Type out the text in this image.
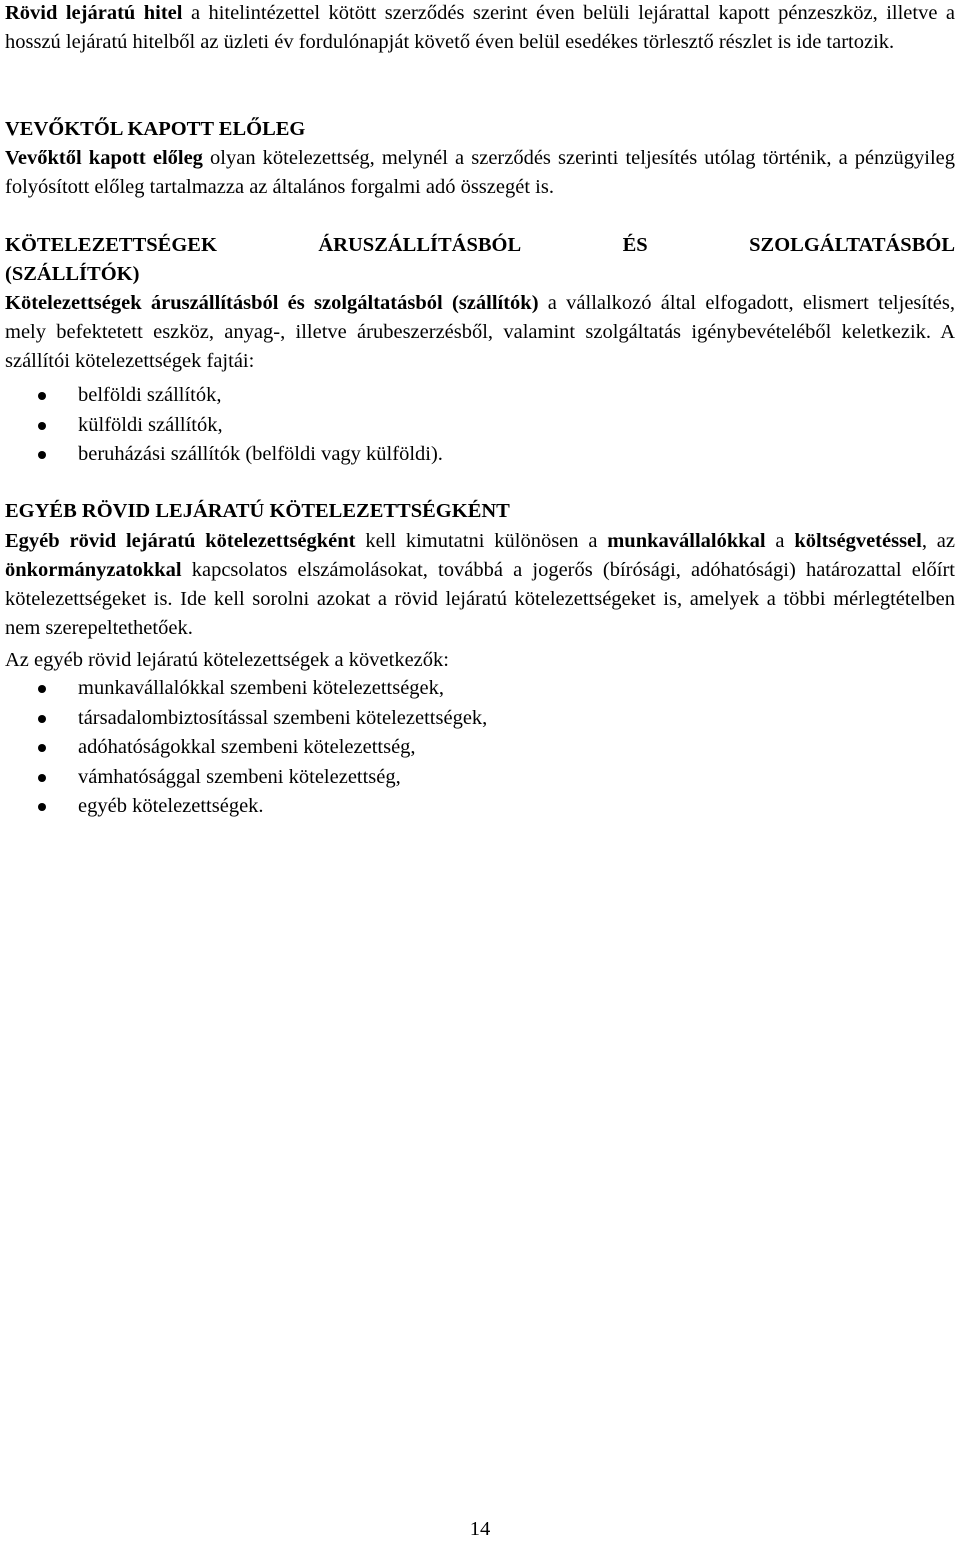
Rövid lejáratú hitel a hitelintézettel kötött szerződés szerint éven belüli lejárattal kapott pénzeszköz, illetve a hosszú lejáratú hitelből az üzleti év fordulónapját követő éven belül esedékes törlesztő részlet is ide tartozik.

VEVŐKTŐL KAPOTT ELŐLEG

Vevőktől kapott előleg olyan kötelezettség, melynél a szerződés szerinti teljesítés utólag történik, a pénzügyileg folyósított előleg tartalmazza az általános forgalmi adó összegét is.

KÖTELEZETTSÉGEK	ÁRUSZÁLLÍTÁSBÓL	ÉS	SZOLGÁLTATÁSBÓL

(SZÁLLÍTÓK)

Kötelezettségek áruszállításból és szolgáltatásból (szállítók) a vállalkozó által elfogadott, elismert teljesítés, mely befektetett eszköz, anyag-, illetve árubeszerzésből, valamint szolgáltatás igénybevételéből keletkezik. A szállítói kötelezettségek fajtái:

belföldi szállítók,
külföldi szállítók,
beruházási szállítók (belföldi vagy külföldi).

EGYÉB RÖVID LEJÁRATÚ KÖTELEZETTSÉGKÉNT

Egyéb rövid lejáratú kötelezettségként kell kimutatni különösen a munkavállalókkal a költségvetéssel, az önkormányzatokkal kapcsolatos elszámolásokat, továbbá a jogerős (bírósági, adóhatósági) határozattal előírt kötelezettségeket is. Ide kell sorolni azokat a rövid lejáratú kötelezettségeket is, amelyek a többi mérlegtételben nem szerepeltethetőek.

Az egyéb rövid lejáratú kötelezettségek a következők:

munkavállalókkal szembeni kötelezettségek,
társadalombiztosítással szembeni kötelezettségek,
adóhatóságokkal szembeni kötelezettség,
vámhatósággal szembeni kötelezettség,
egyéb kötelezettségek.
14
